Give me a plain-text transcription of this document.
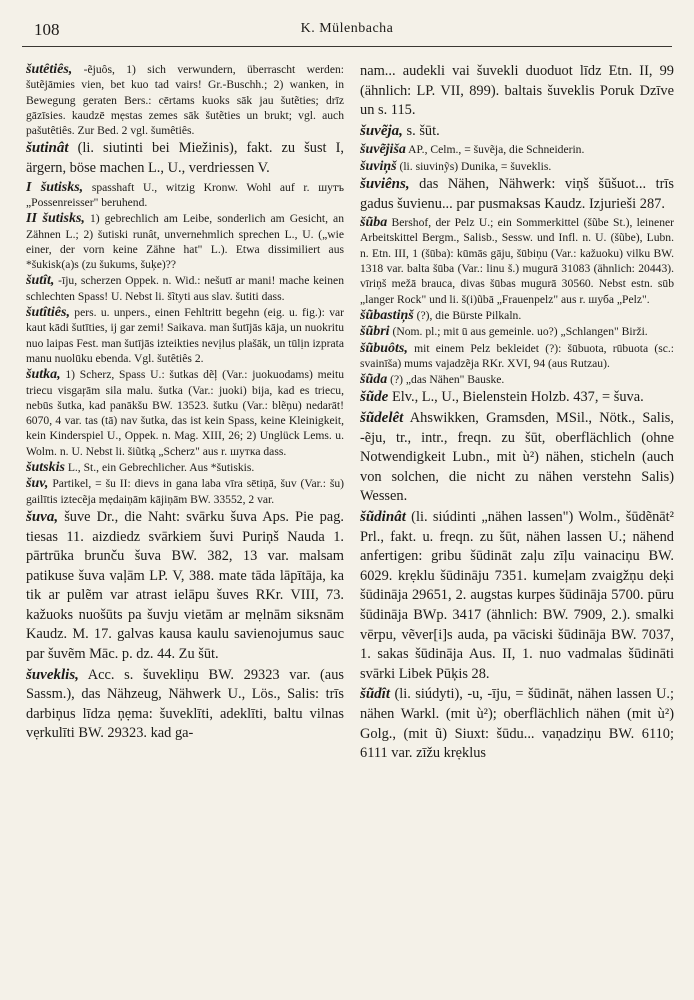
108	K. Mülenbacha

šutêtiês, -ẽjuôs, 1) sich verwundern, überrascht werden: šutẽjāmies vien, bet kuo tad vairs! Gr.-Buschh.; 2) wanken, in Bewegung geraten Bers.: cērtams kuoks sāk jau šutẽties; drīz gāzīsies. kaudzē mẹstas zemes sāk šutẽties un brukt; vgl. auch pašutêtiês. Zur Bed. 2 vgl. šumêtiês.

šutinât (li. siutinti bei Miežinis), fakt. zu šust I, ärgern, böse machen L., U., verdriessen V.

I šutisks, spasshaft U., witzig Kronw. Wohl auf r. шутъ „Possenreisser" beruhend.

II šutisks, 1) gebrechlich am Leibe, sonderlich am Gesicht, an Zähnen L.; 2) šutiski runât, unvernehmlich sprechen L., U. („wie einer, der vorn keine Zähne hat" L.). Etwa dissimiliert aus *šukisk(a)s (zu šukums, šuķe)??

šutît, -īju, scherzen Oppek. n. Wid.: nešutī ar mani! mache keinen schlechten Spass! U. Nebst li. šĩtyti aus slav. šutiti dass.

šutîtiês, pers. u. unpers., einen Fehltritt begehn (eig. u. fig.): var kaut kādi šutīties, ij gar zemi! Saikava. man šutījās kāja, un nuokritu nuo laipas Fest. man šutījās izteikties nevịlus plašāk, un tūlịn izprata manu nuolūku ebenda. Vgl. šutêtiês 2.

šutka, 1) Scherz, Spass U.: šutkas dẽļ (Var.: juokuodams) meitu triecu visgaŗām sila malu. šutka (Var.: juoki) bija, kad es triecu, nebūs šutka, kad panākšu BW. 13523. šutku (Var.: blẽņu) nedarāt! 6070, 4 var. tas (tā) nav šutka, das ist kein Spass, keine Kleinigkeit, kein Kinderspiel U., Oppek. n. Mag. XIII, 26; 2) Unglück Lems. u. Wolm. n. U. Nebst li. šiũtką „Scherz" aus r. шутка dass.

šutskis L., St., ein Gebrechlicher. Aus *šutiskis.

šuv, Partikel, = šu II: dievs in gana laba vīra sētiņā, šuv (Var.: šu) gailītis iztecẽja mẹdaiņām kājiņām BW. 33552, 2 var.

šuva, šuve Dr., die Naht: svārku šuva Aps. Pie pag. tiesas 11. aizdiedz svārkiem šuvi Puriņš Nauda 1. pārtrūka brunču šuva BW. 382, 13 var. malsam patikuse šuva vaļām LP. V, 388. mate tāda lāpītāja, ka tik ar pulẽm var atrast ielāpu šuves RKr. VIII, 73. kažuoks nuošūts pa šuvju vietām ar mẹlnām siksnām Kaudz. M. 17. galvas kausa kaulu savienojumus sauc par šuvẽm Māc. p. dz. 44. Zu šūt.

šuveklis, Acc. s. šuvekliņu BW. 29323 var. (aus Sassm.), das Nähzeug, Nähwerk U., Lös., Salis: trīs darbiņus līdza ņẹma: šuveklīti, adeklīti, baltu vilnas vẹrkulīti BW. 29323. kad ga-

nam... audekli vai šuvekli duoduot līdz Etn. II, 99 (ähnlich: LP. VII, 899). baltais šuveklis Poruk Dzīve un s. 115.

šuvẽja, s. šūt.

šuvẽjiša AP., Celm., = šuvẽja, die Schneiderin.

šuviņš (li. siuvinỹs) Dunika, = šuveklis.

šuviêns, das Nähen, Nähwerk: viņš šūšuot... trīs gadus šuvienu... par pusmaksas Kaudz. Izjurieši 287.

šũba Bershof, der Pelz U.; ein Sommerkittel (šũbe St.), leinener Arbeitskittel Bergm., Salisb., Sessw. und Infl. n. U. (šũbe), Lubn. n. Etn. III, 1 (šūba): kūmās gāju, šūbiņu (Var.: kažuoku) vilku BW. 1318 var. balta šūba (Var.: linu š.) mugurā 31083 (ähnlich: 20443). vīriņš mežā brauca, divas šūbas mugurā 30560. Nebst estn. sūb „langer Rock" und li. š(i)ũbā „Frauenpelz" aus r. шуба „Pelz".

šũbastiņš (?), die Bürste Pilkaln.

šũbri (Nom. pl.; mit ū aus gemeinle. uo?) „Schlangen" Birži.

šũbuôts, mit einem Pelz bekleidet (?): šūbuota, rūbuota (sc.: svainīša) mums vajadzẽja RKr. XVI, 94 (aus Rutzau).

šũda (?) „das Nähen" Bauske.

šũde Elv., L., U., Bielenstein Holzb. 437, = šuva.

šũdelêt Ahswikken, Gramsden, MSil., Nötk., Salis, -ẽju, tr., intr., freqn. zu šūt, oberflächlich (ohne Notwendigkeit Lubn., mit ù²) nähen, sticheln (auch von solchen, die nicht zu nähen verstehn Salis) Wessen.

šũdinât (li. siúdinti „nähen lassen") Wolm., šūdẽnāt² Prl., fakt. u. freqn. zu šūt, nähen lassen U.; nähend anfertigen: gribu šūdināt zaļu zīļu vainaciņu BW. 6029. krẹklu šūdināju 7351. kumeļam zvaigžņu deķi šūdināja 29651, 2. augstas kurpes šūdināja 5700. pūru šūdināja BWp. 3417 (ähnlich: BW. 7909, 2.). smalki vērpu, vẽver[i]s auda, pa vāciski šūdināja BW. 7037, 1. sakas šūdināja Aus. II, 1. nuo vadmalas šūdināti svārki Libek Pūķis 28.

šũdît (li. siúdyti), -u, -īju, = šūdināt, nähen lassen U.; nähen Warkl. (mit ù²); oberflächlich nähen (mit ù²) Golg., (mit ũ) Siuxt: šūdu... vaņadziņu BW. 6110; 6111 var. zīžu krẹklus
